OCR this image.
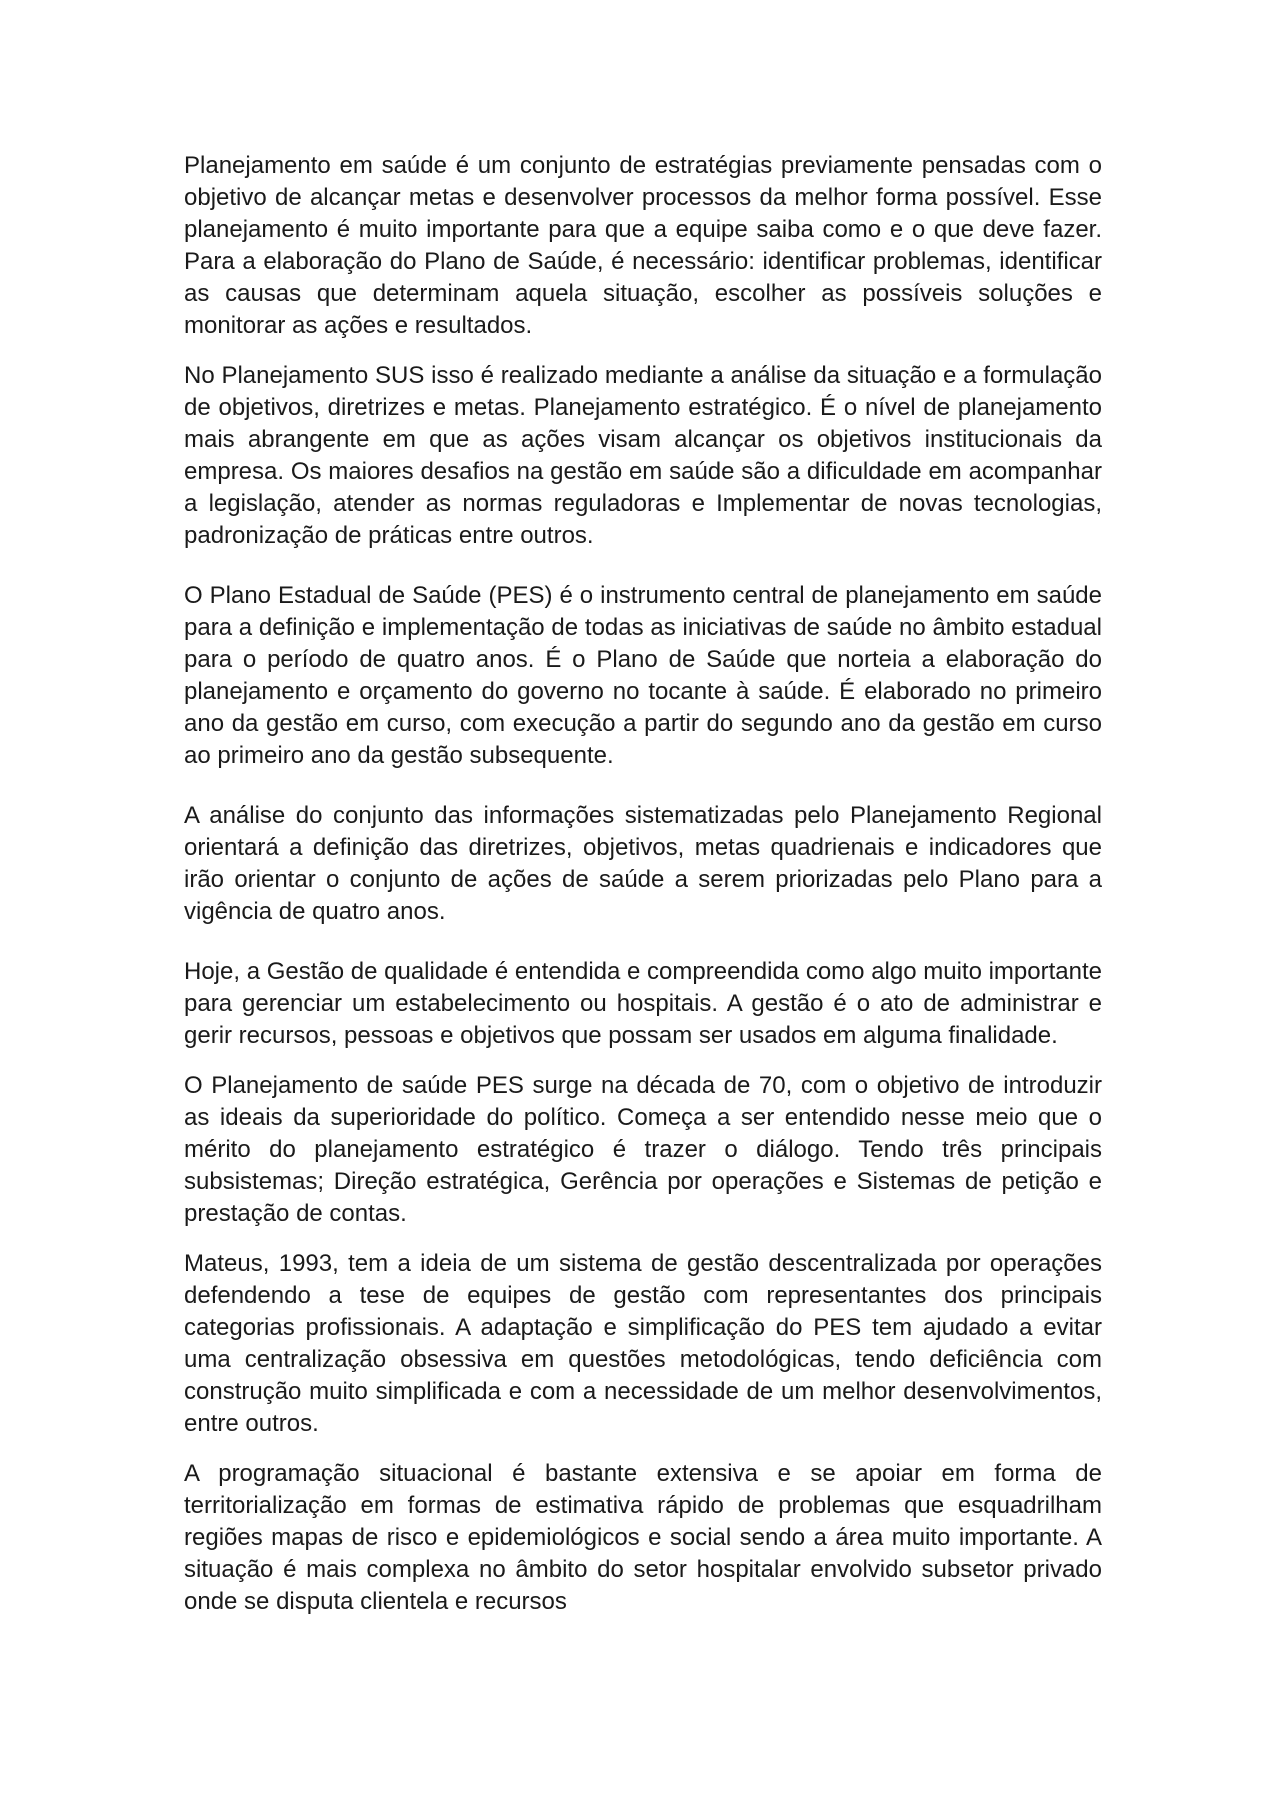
Planejamento em saúde é um conjunto de estratégias previamente pensadas com o objetivo de alcançar metas e desenvolver processos da melhor forma possível. Esse planejamento é muito importante para que a equipe saiba como e o que deve fazer. Para a elaboração do Plano de Saúde, é necessário: identificar problemas, identificar as causas que determinam aquela situação, escolher as possíveis soluções e monitorar as ações e resultados.

No Planejamento SUS isso é realizado mediante a análise da situação e a formulação de objetivos, diretrizes e metas. Planejamento estratégico. É o nível de planejamento mais abrangente em que as ações visam alcançar os objetivos institucionais da empresa. Os maiores desafios na gestão em saúde são a dificuldade em acompanhar a legislação, atender as normas reguladoras e Implementar de novas tecnologias, padronização de práticas entre outros.

O Plano Estadual de Saúde (PES) é o instrumento central de planejamento em saúde para a definição e implementação de todas as iniciativas de saúde no âmbito estadual para o período de quatro anos. É o Plano de Saúde que norteia a elaboração do planejamento e orçamento do governo no tocante à saúde. É elaborado no primeiro ano da gestão em curso, com execução a partir do segundo ano da gestão em curso ao primeiro ano da gestão subsequente.

A análise do conjunto das informações sistematizadas pelo Planejamento Regional orientará a definição das diretrizes, objetivos, metas quadrienais e indicadores que irão orientar o conjunto de ações de saúde a serem priorizadas pelo Plano para a vigência de quatro anos.

Hoje, a Gestão de qualidade é entendida e compreendida como algo muito importante para gerenciar um estabelecimento ou hospitais. A gestão é o ato de administrar e gerir recursos, pessoas e objetivos que possam ser usados em alguma finalidade.

O Planejamento de saúde PES surge na década de 70, com o objetivo de introduzir as ideais da superioridade do político. Começa a ser entendido nesse meio que o mérito do planejamento estratégico é trazer o diálogo. Tendo três principais subsistemas; Direção estratégica, Gerência por operações e Sistemas de petição e prestação de contas.

Mateus, 1993, tem a ideia de um sistema de gestão descentralizada por operações defendendo a tese de equipes de gestão com representantes dos principais categorias profissionais. A adaptação e simplificação do PES tem ajudado a evitar uma centralização obsessiva em questões metodológicas, tendo deficiência com construção muito simplificada e com a necessidade de um melhor desenvolvimentos, entre outros.

A programação situacional é bastante extensiva e se apoiar em forma de territorialização em formas de estimativa rápido de problemas que esquadrilham regiões mapas de risco e epidemiológicos e social sendo a área muito importante. A situação é mais complexa no âmbito do setor hospitalar envolvido subsetor privado onde se disputa clientela e recursos
